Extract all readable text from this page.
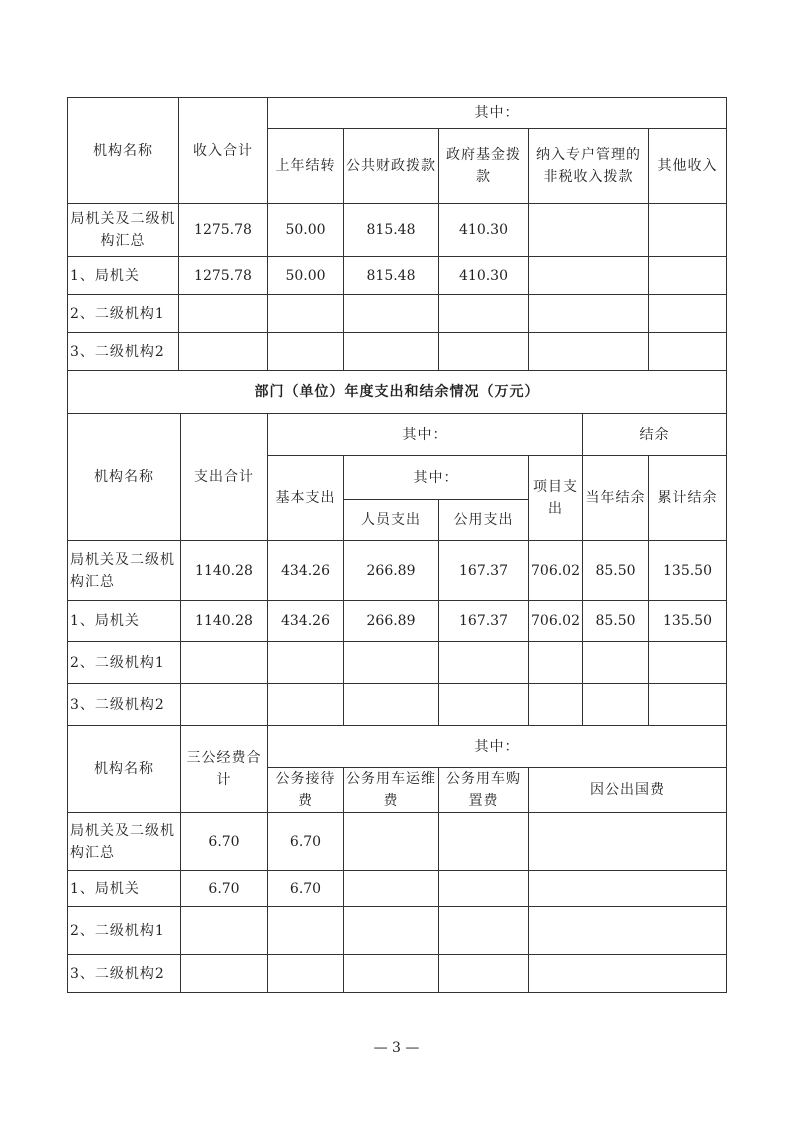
机构名称	收入合计	其中：				
		上年结转	公共财政拨款	政府基金拨款	纳入专户管理的非税收入拨款	其他收入
局机关及二级机构汇总	1275.78	50.00	815.48	410.30		
1、局机关	1275.78	50.00	815.48	410.30		
2、二级机构1						
3、二级机构2						
部门（单位）年度支出和结余情况（万元）						
机构名称	支出合计	其中：				结余	
		基本支出	其中：		项目支出	当年结余	累计结余
			人员支出	公用支出			
局机关及二级机构汇总	1140.28	434.26	266.89	167.37	706.02	85.50	135.50
1、局机关	1140.28	434.26	266.89	167.37	706.02	85.50	135.50
2、二级机构1							
3、二级机构2							
机构名称	三公经费合计	其中：			
		公务接待费	公务用车运维费	公务用车购置费	因公出国费
局机关及二级机构汇总	6.70	6.70			
1、局机关	6.70	6.70			
2、二级机构1					
3、二级机构2					
— 3 —
